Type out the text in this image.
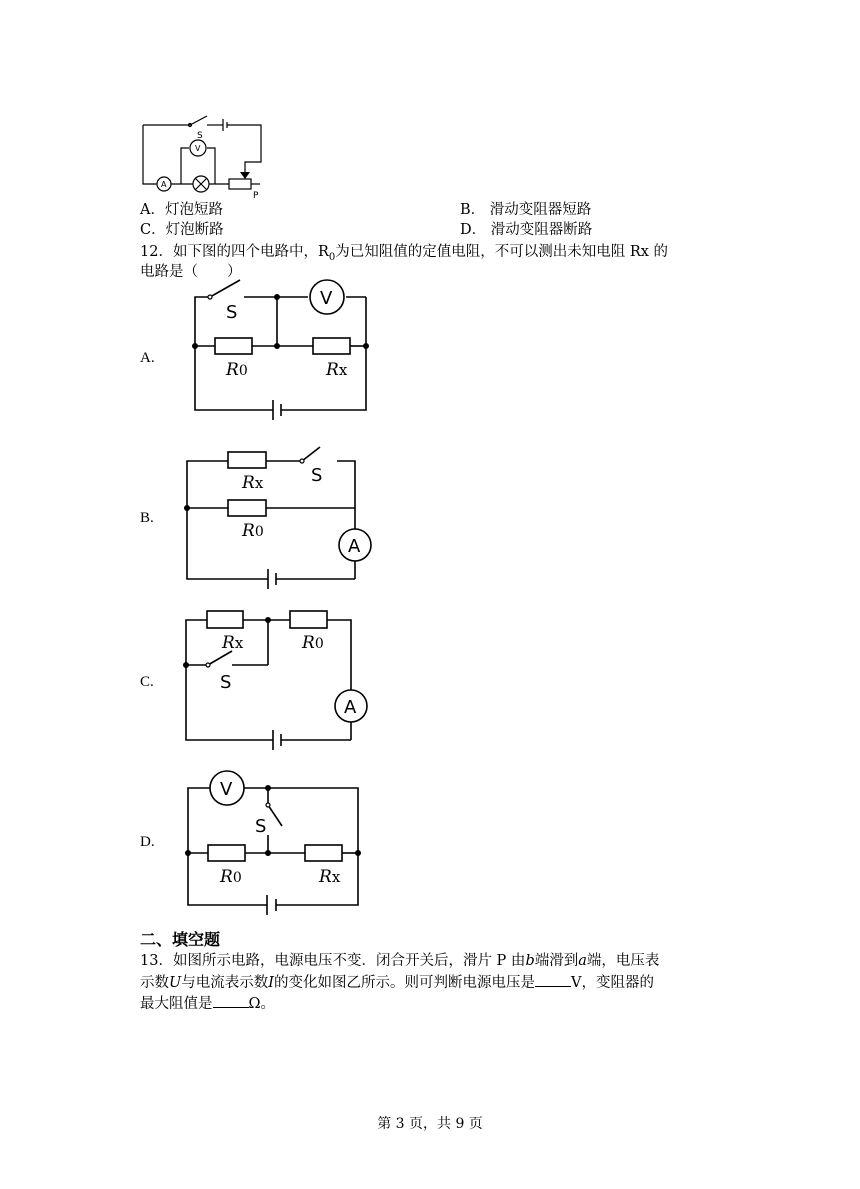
A
V
S
P
A．灯泡短路	B． 滑动变阻器短路
C．灯泡断路	D． 滑动变阻器断路
12．如下图的四个电路中，$R_0$为已知阻值的定值电阻，不可以测出未知电阻 Rx 的
电路是（　　）
A.
V
S
R0	Rx
B.
A
S
Rx
R0
C.
A
S
Rx	R0
D.
V
S
R0	Rx
二、填空题
13．如图所示电路，电源电压不变．闭合开关后，滑片 P 由b端滑到a端，电压表
示数U与电流表示数I的变化如图乙所示。则可判断电源电压是 V，变阻器的
最大阻值是 Ω。
第 3 页，共 9 页
